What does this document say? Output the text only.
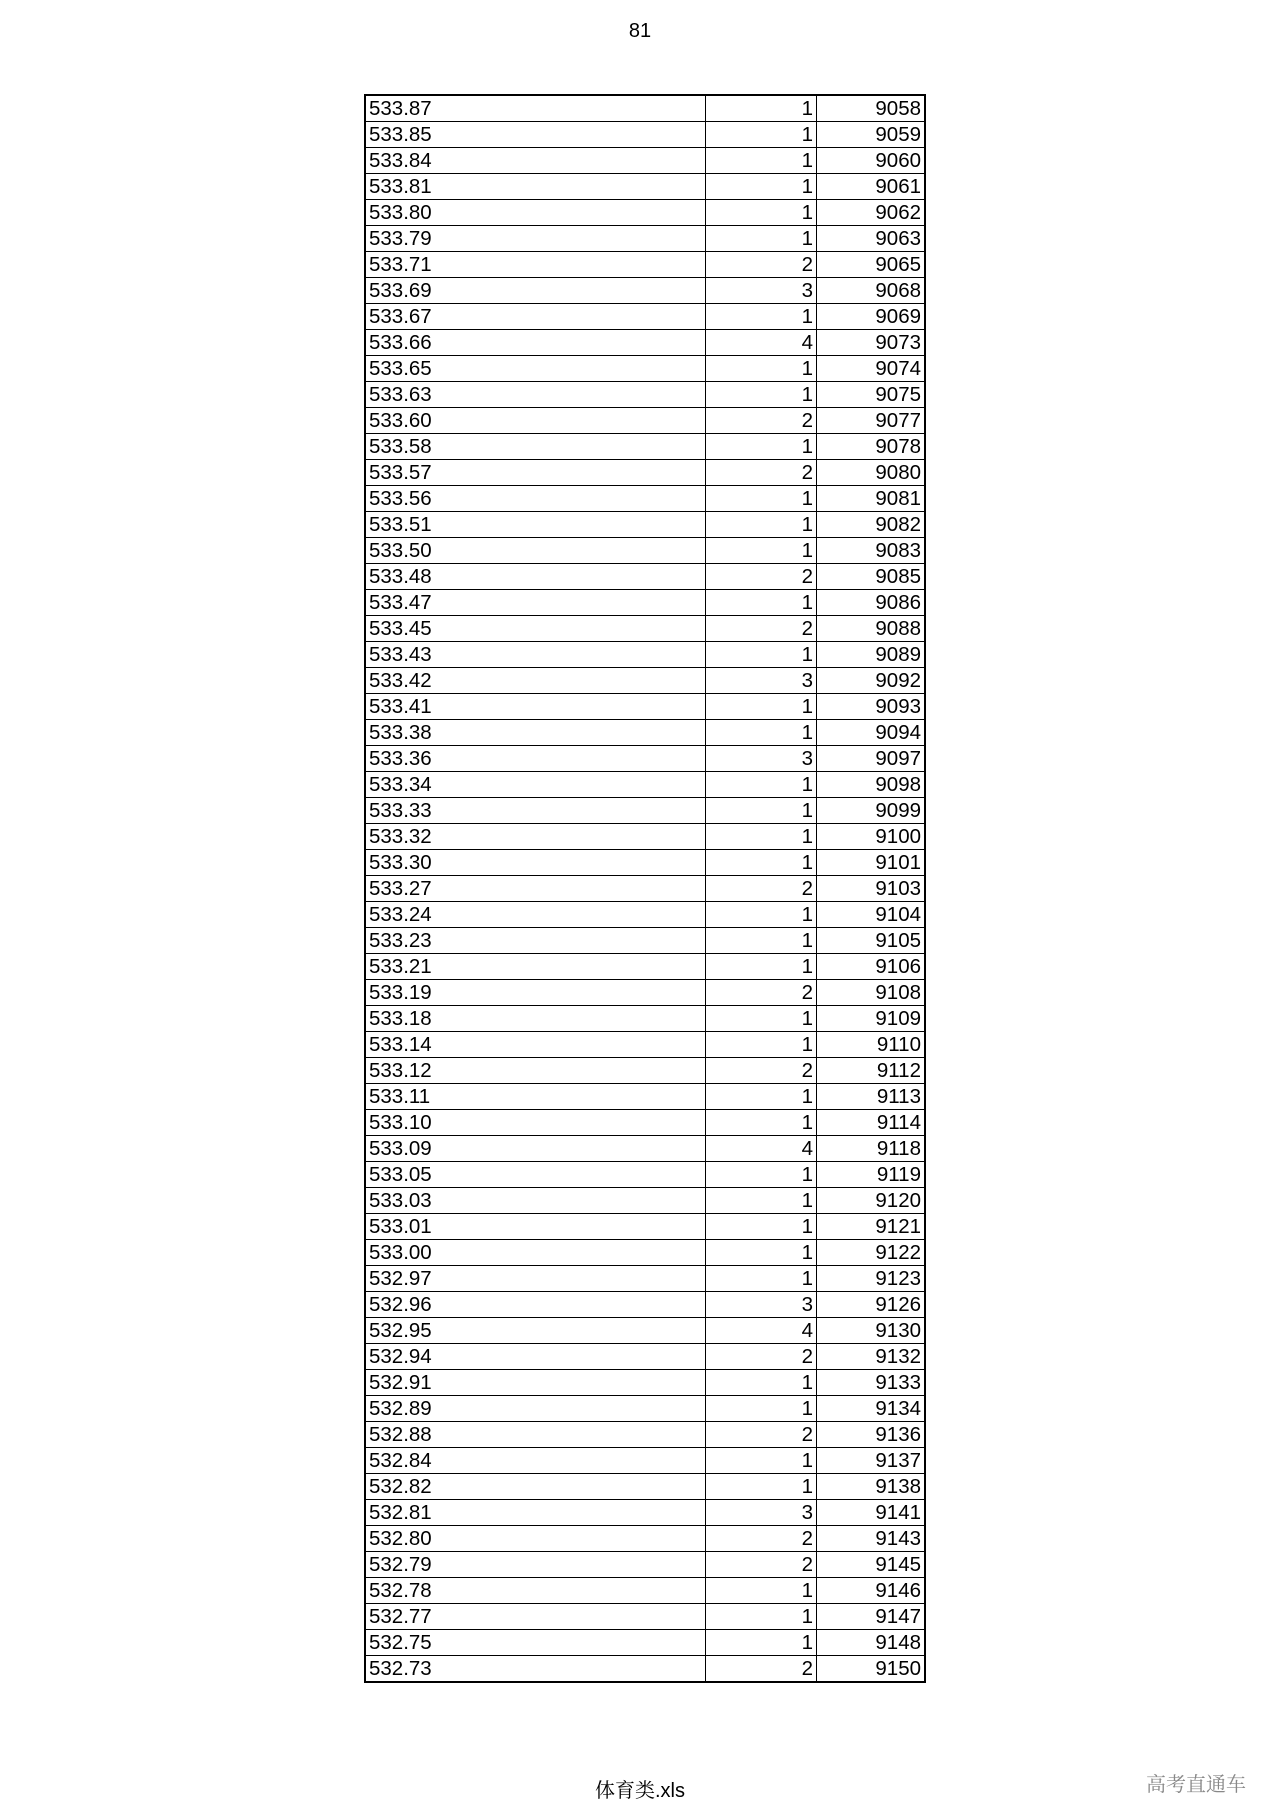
81
533.87	1	9058
533.85	1	9059
533.84	1	9060
533.81	1	9061
533.80	1	9062
533.79	1	9063
533.71	2	9065
533.69	3	9068
533.67	1	9069
533.66	4	9073
533.65	1	9074
533.63	1	9075
533.60	2	9077
533.58	1	9078
533.57	2	9080
533.56	1	9081
533.51	1	9082
533.50	1	9083
533.48	2	9085
533.47	1	9086
533.45	2	9088
533.43	1	9089
533.42	3	9092
533.41	1	9093
533.38	1	9094
533.36	3	9097
533.34	1	9098
533.33	1	9099
533.32	1	9100
533.30	1	9101
533.27	2	9103
533.24	1	9104
533.23	1	9105
533.21	1	9106
533.19	2	9108
533.18	1	9109
533.14	1	9110
533.12	2	9112
533.11	1	9113
533.10	1	9114
533.09	4	9118
533.05	1	9119
533.03	1	9120
533.01	1	9121
533.00	1	9122
532.97	1	9123
532.96	3	9126
532.95	4	9130
532.94	2	9132
532.91	1	9133
532.89	1	9134
532.88	2	9136
532.84	1	9137
532.82	1	9138
532.81	3	9141
532.80	2	9143
532.79	2	9145
532.78	1	9146
532.77	1	9147
532.75	1	9148
532.73	2	9150
体育类.xls	高考直通车
